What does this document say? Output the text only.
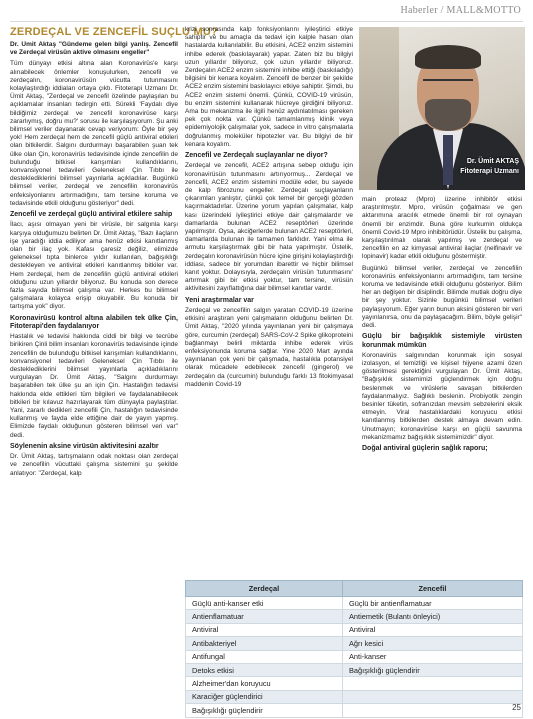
Haberler / MALL&MOTTO
ZERDEÇAL VE ZENCEFİL SUÇLU MU?

Dr. Ümit Aktaş "Gündeme gelen bilgi yanlış. Zencefil ve Zerdeçal virüsün aktive olmasını engeller"

Tüm dünyayı etkisi altına alan Koronavirüs'e karşı alınabilecek önlemler konuşulurken, zencefil ve zerdeçalın, koronavirüsün vücutta tutunmasını kolaylaştırdığı iddiaları ortaya çıktı. Fitoterapi Uzmanı Dr. Ümit Aktaş, "Zerdeçal ve zencefil özelinde paylaşılan bu açıklamalar insanları tedirgin etti. Sürekli 'Faydalı diye bildiğimiz zerdeçal ve zencefil koronavirüse karşı zararlıymış, doğru mu?' sorusu ile karşılaşıyorum. Şu anki bilimsel veriler dayanarak cevap veriyorum: Öyle bir şey yok! Hem zerdeçal hem de zencefil güçlü antiviral etkileri olan bitkilerdir. Salgını durdurmayı başarabilen şuan tek ülke olan Çin, koronavirüs tedavisinde içinde zencefilin de bulunduğu bitkisel karışımları kullandıklarını, konvansiyonel tedavileri Geleneksel Çin Tıbbı ile desteklediklerini bilimsel yayınlarla açıkladılar. Bugünkü bilimsel veriler, zerdeçal ve zencefilin koronavirüs enfeksiyonlarını artırmadığını, tam tersine koruma ve tedavisinde etkili olduğunu gösteriyor" dedi.

Zencefil ve zerdeçal güçlü antiviral etkilere sahip

İlacı, aşısı olmayan yeni bir virüsle, bir salgınla karşı karşıya olduğumuzu belirten Dr. Ümit Aktaş, "Bazı ilaçların işe yaradığı iddia ediliyor ama henüz etkisi kanıtlanmış olan bir ilaç yok. Kafası çaresiz değiliz, elimizde geleneksel tıpta binlerce yıldır kullanılan, bağışıklığı destekleyen ve antiviral etkileri kanıtlanmış bitkiler var. Hem zerdeçal, hem de zencefilin güçlü antiviral etkileri olduğunu uzun yıllardır biliyoruz. Bu konuda son derece fazla sayıda bilimsel çalışma var. Herkes bu bilimsel çalışmalara kolayca erişip okuyabilir. Bu konuda bir tartışma yok" diyor.

Koronavirüsü kontrol altına alabilen tek ülke Çin, Fitoterapi'den faydalanıyor

Hastalık ve tedavisi hakkında ciddi bir bilgi ve tecrübe birikiren Çinli bilim insanları koronavirüs tedavisinde içinde zencefilin de bulunduğu bitkisel karışımları kullandıklarını, konvansiyonel tedavileri Geleneksel Çin Tıbbı ile desteklediklerini bilimsel yayınlarla açıkladıklarını vurgulayan Dr. Ümit Aktaş, "Salgını durdurmayı başarabilen tek ülke şu an için Çin. Hastalığın tedavisi hakkında elde ettikleri tüm bilgileri ve faydalanabilecek bitkileri bir kılavuz hazırlayarak tüm dünyayla paylaştılar. Yani, zararlı dedikleri zencefili Çin, hastalığın tedavisinde kullanmış ve fayda elde ettiğine dair de yayın yapmış. Elimizde faydalı olduğunun gösteren bilimsel veri var" dedi.

Söylenenin aksine virüsün aktivitesini azaltır

Dr. Ümit Aktaş, tartışmaların odak noktası olan zerdeçal ve zencefilin vücuttaki çalışma sistemini şu şekilde anlatıyor: "Zerdeçal, kalp

krizi sonrasında kalp fonksiyonlarını iyileştirici etkiye sahiptir ve bu amaçla da tedavi için kalple hasarı olan hastalarda kullanılabilir. Bu etkisini, ACE2 enzim sistemini inhibe ederek (baskılayarak) yapar. Zaten biz bu bilgiyi uzun yıllardır biliyoruz, çok uzun yıllardır biliyoruz. Zerdeçalın ACE2 enzim sistemini inhibe ettiği (baskıladığı) bilgisini bir kenara koyalım. Zencefil de benzer bir şekilde ACE2 enzim sistemini baskılayıcı etkiye sahiptir. Şimdi, bu ACE2 enzim sistemi önemli. Çünkü, COVID-19 virüsün, bu enzim sistemini kullanarak hücreye girdiğini biliyoruz. Ama bu mekanizma ile ilgili henüz aydınlatılması gereken pek çok nokta var. Çünkü tamamlanmış klinik veya epidemiyolojik çalışmalar yok, sadece in vitro çalışmalarla doğrulanmış moleküler hipotezler var. Bu bilgiyi de bir kenara koyalım.

Zencefil ve Zerdeçalı suçlayanlar ne diyor?

Zerdeçal ve zencefil, ACE2 artışına sebep olduğu için koronavirüsün tutunmasını artırıyormuş... Zerdeçal ve zencefil, ACE2 enzim sistemini modüle eder, bu sayede de kalp fibrozunu engeller. Zerdeçalı suçlayanların çıkarımları yanlıştır, çünkü çok temel bir gerçeği gözden kaçırmaktadırlar. Üzerine yorum yapılan çalışmalar, kalp kası üzerindeki iyileştirici etkiye dair çalışmalardır ve damarlarda bulunan ACE2 reseptörleri üzerinde yapılmıştır. Oysa, akciğerlerde bulunan ACE2 reseptörleri, damarlarda bulunan ile tamamen farklıdır. Yani elma ile armutu karşılaştırmak gibi bir hata yapılmıştır. Üstelik, zerdeçalın koronavirüsün hücre içine girişini kolaylaştırdığı iddiası, sadece bir yorumdan ibarettir ve hiçbir bilimsel kanıt yoktur. Dolayısıyla, zerdeçalın virüsün 'tutunmasını' artırmak gibi bir etkisi yoktur, tam tersine, virüsün aktivitesini zayıflattığına dair bilimsel kanıtlar vardır.

Yeni araştırmalar var

Zerdeçal ve zencefilin salgın yaratan COVID-19 üzerine etkisini araştıran yeni çalışmaların olduğunu belirten Dr. Ümit Aktaş, "2020 yılında yayınlanan yeni bir çalışmaya göre, curcumin (zerdeçal) SARS-CoV-2 Spike glikoproteini bağlanmayı belirli miktarda inhibe ederek virüs enfeksiyonunda koruma sağlar. Yine 2020 Mart ayında yayınlanan çok yeni bir çalışmada, hastalıkla potansiyel olarak mücadele edebilecek zencefil (gingerol) ve zerdeçalın da (curcumin) bulunduğu farklı 13 fitokimyasal maddenin Covid-19

Dr. Ümit AKTAŞ
Fitoterapi Uzmanı

main proteaz (Mpro) üzerine inhibitör etkisi araştırılmıştır. Mpro, virüsün çoğalması ve gen aktarımına aracılık etmede önemli bir rol oynayan önemli bir enzimdir. Buna göre kurkumin oldukça önemli Covid-19 Mpro inhibitörüdür. Üstelik bu çalışma, karşılaştırılmalı olarak yapılmış ve zerdeçal ve zencefilin en az kimyasal antiviral ilaçlar (nelfinavir ve lopinavir) kadar etkili olduğunu göstermiştir.

Bugünkü bilimsel veriler, zerdeçal ve zencefilin koronavirüs enfeksiyonlarını artırmadığını, tam tersine koruma ve tedavisinde etkili olduğunu gösteriyor. Bilim her an değişen bir disiplindir. Bilimde mutlak doğru diye bir şey yoktur. Sizinle bugünkü bilimsel verileri paylaşıyorum. Eğer yarın bunun aksini gösteren bir veri yayınlanırsa, onu da paylaşacağım. Bilim, böyle gelişir" dedi.

Güçlü bir bağışıklık sistemiyle virüsten korunmak mümkün

Koronavirüs salgınından korunmak için sosyal izolasyon, el temizliği ve kişisel hijyene azami özen gösterilmesi gerektiğini vurgulayan Dr. Ümit Aktaş, "Bağışıklık sistemimizi güçlendirmek için doğru beslenmek ve virüslerle savaşan bitkilerden faydalanmalıyız. Sağlıklı beslenin. Probiyotik zengin besinler tüketin, sofranızdan mevsim sebzelerini eksik etmeyin. Viral hastalıklardaki koruyucu etkisi kanıtlanmış bitkilerden destek almaya devam edin. Unutmayın; koronavirüse karşı en güçlü savunma mekanizmamız bağışıklık sistemimizdir" diyor.

Doğal antiviral güçlerin sağlık raporu;
Zerdeçal	Zencefil
Güçlü anti-kanser etki	Güçlü bir antienflamatuar
Antienflamatuar	Antiemetik (Bulantı önleyici)
Antiviral	Antiviral
Antibakteriyel	Ağrı kesici
Antifungal	Anti-kanser
Detoks etkisi	Bağışıklığı güçlendirir
Alzheimer'dan koruyucu	
Karaciğer güçlendirici	
Bağışıklığı güçlendirir		25
